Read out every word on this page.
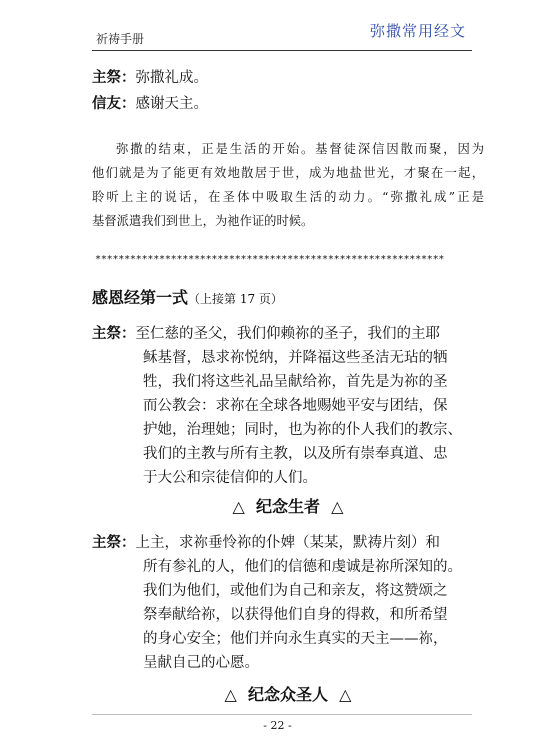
祈祷手册	弥撒常用经文
主祭：弥撒礼成。
信友：感谢天主。
弥撒的结束，正是生活的开始。基督徒深信因散而聚，因为
他们就是为了能更有效地散居于世，成为地盐世光，才聚在一起，
聆听上主的说话，在圣体中吸取生活的动力。“弥撒礼成”正是
基督派遣我们到世上，为祂作证的时候。
************************************************************
感恩经第一式（上接第 17 页）
主祭：至仁慈的圣父，我们仰赖祢的圣子，我们的主耶
稣基督，恳求祢悦纳，并降福这些圣洁无玷的牺
牲，我们将这些礼品呈献给祢，首先是为祢的圣
而公教会：求祢在全球各地赐她平安与团结，保
护她，治理她；同时，也为祢的仆人我们的教宗、
我们的主教与所有主教，以及所有崇奉真道、忠
于大公和宗徒信仰的人们。
△ 纪念生者 △
主祭：上主，求祢垂怜祢的仆婢（某某，默祷片刻）和
所有参礼的人，他们的信德和虔诚是祢所深知的。
我们为他们，或他们为自己和亲友，将这赞颂之
祭奉献给祢，以获得他们自身的得救，和所希望
的身心安全；他们并向永生真实的天主——祢，
呈献自己的心愿。
△ 纪念众圣人 △
- 22 -
